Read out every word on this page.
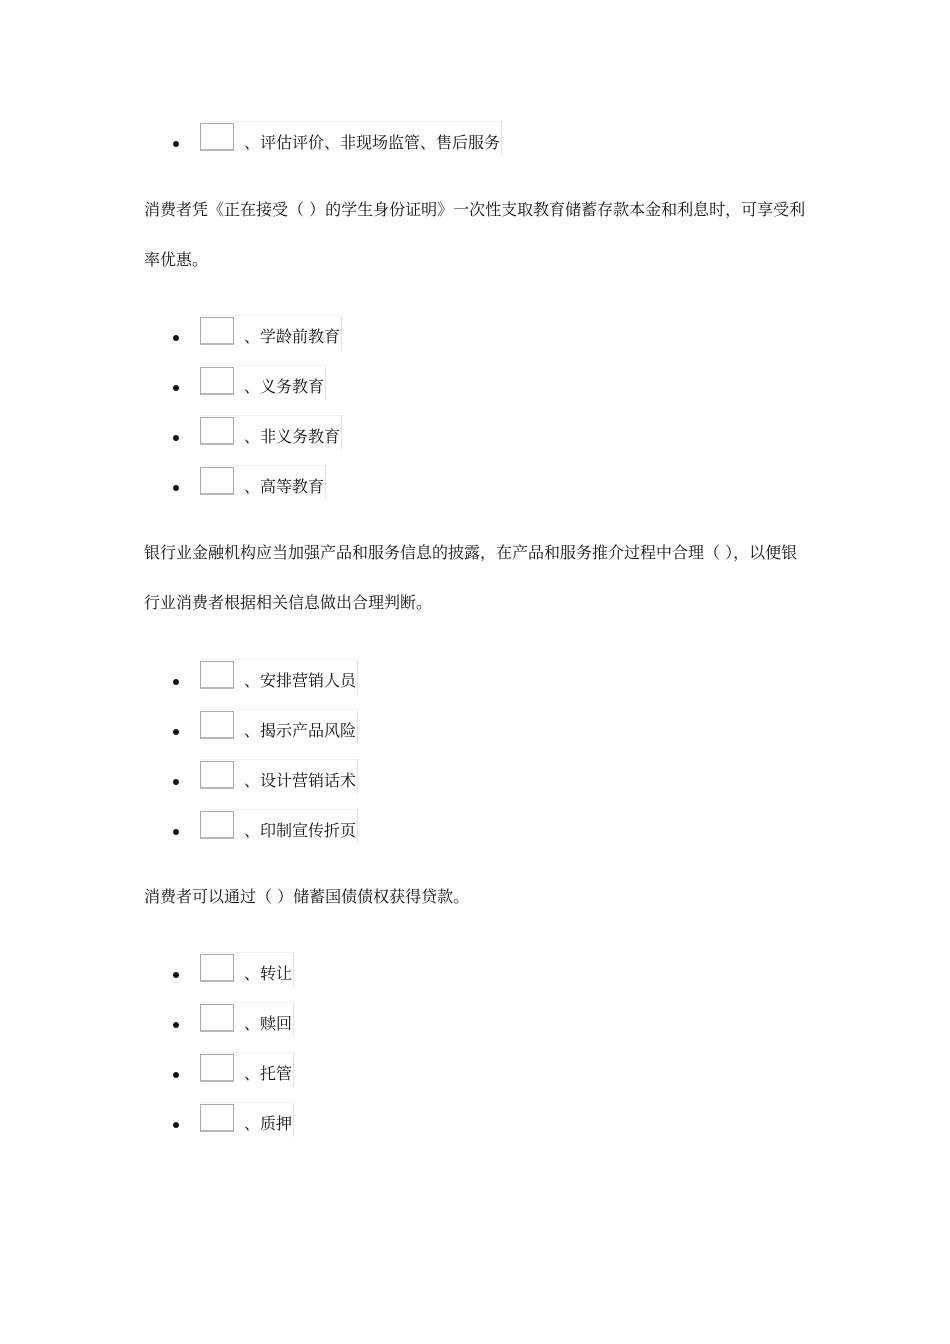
、评估评价、非现场监管、售后服务
消费者凭《正在接受（ ）的学生身份证明》一次性支取教育储蓄存款本金和利息时，可享受利率优惠。
、学龄前教育
、义务教育
、非义务教育
、高等教育
银行业金融机构应当加强产品和服务信息的披露，在产品和服务推介过程中合理（ ），以便银行业消费者根据相关信息做出合理判断。
、安排营销人员
、揭示产品风险
、设计营销话术
、印制宣传折页
消费者可以通过（ ）储蓄国债债权获得贷款。
、转让
、赎回
、托管
、质押
